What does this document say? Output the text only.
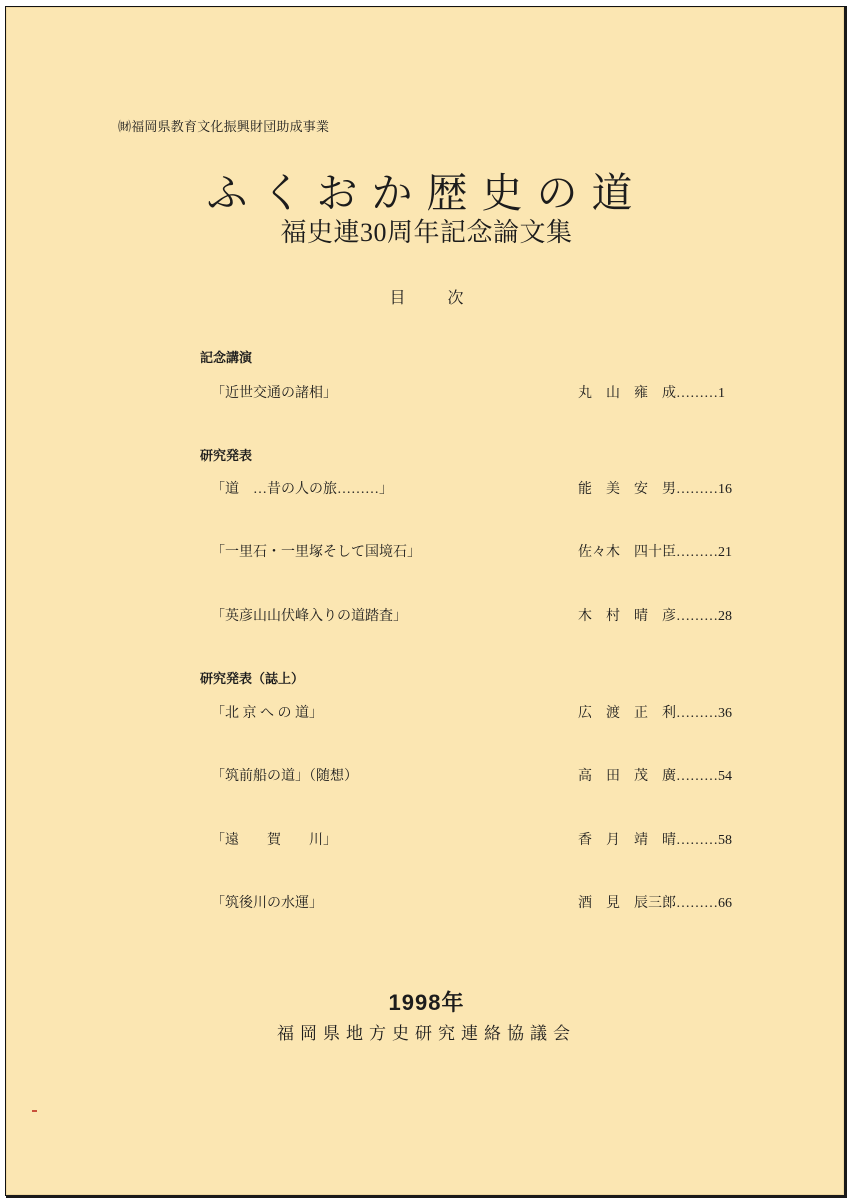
㈶福岡県教育文化振興財団助成事業
ふくおか歴史の道
福史連30周年記念論文集
目	次
記念講演
「近世交通の諸相」	丸　山　雍　成………1
研究発表
「道　…昔の人の旅………」	能　美　安　男………16
「一里石・一里塚そして国境石」	佐々木　四十臣………21
「英彦山山伏峰入りの道踏査」	木　村　晴　彦………28
研究発表（誌上）
「北 京 へ の 道」	広　渡　正　利………36
「筑前船の道」（随想）	高　田　茂　廣………54
「遠　　賀　　川」	香　月　靖　晴………58
「筑後川の水運」	酒　見　辰三郎………66
1998年
福岡県地方史研究連絡協議会
